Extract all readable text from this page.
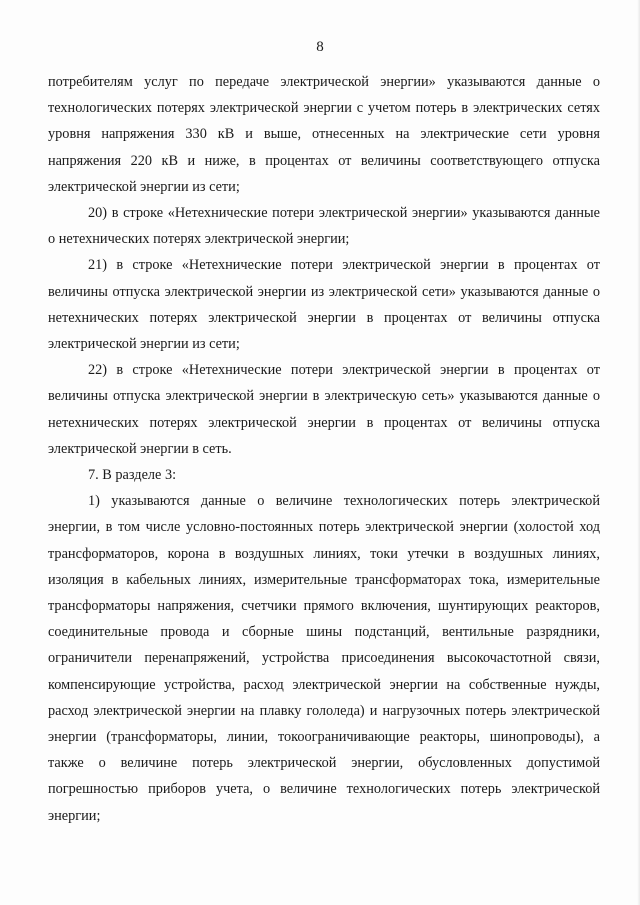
8

потребителям услуг по передаче электрической энергии» указываются данные о технологических потерях электрической энергии с учетом потерь в электрических сетях уровня напряжения 330 кВ и выше, отнесенных на электрические сети уровня напряжения 220 кВ и ниже, в процентах от величины соответствующего отпуска электрической энергии из сети;

20) в строке «Нетехнические потери электрической энергии» указываются данные о нетехнических потерях электрической энергии;

21) в строке «Нетехнические потери электрической энергии в процентах от величины отпуска электрической энергии из электрической сети» указываются данные о нетехнических потерях электрической энергии в процентах от величины отпуска электрической энергии из сети;

22) в строке «Нетехнические потери электрической энергии в процентах от величины отпуска электрической энергии в электрическую сеть» указываются данные о нетехнических потерях электрической энергии в процентах от величины отпуска электрической энергии в сеть.

7. В разделе 3:

1) указываются данные о величине технологических потерь электрической энергии, в том числе условно-постоянных потерь электрической энергии (холостой ход трансформаторов, корона в воздушных линиях, токи утечки в воздушных линиях, изоляция в кабельных линиях, измерительные трансформаторах тока, измерительные трансформаторы напряжения, счетчики прямого включения, шунтирующих реакторов, соединительные провода и сборные шины подстанций, вентильные разрядники, ограничители перенапряжений, устройства присоединения высокочастотной связи, компенсирующие устройства, расход электрической энергии на собственные нужды, расход электрической энергии на плавку гололеда) и нагрузочных потерь электрической энергии (трансформаторы, линии, токоограничивающие реакторы, шинопроводы), а также о величине потерь электрической энергии, обусловленных допустимой погрешностью приборов учета, о величине технологических потерь электрической энергии;
